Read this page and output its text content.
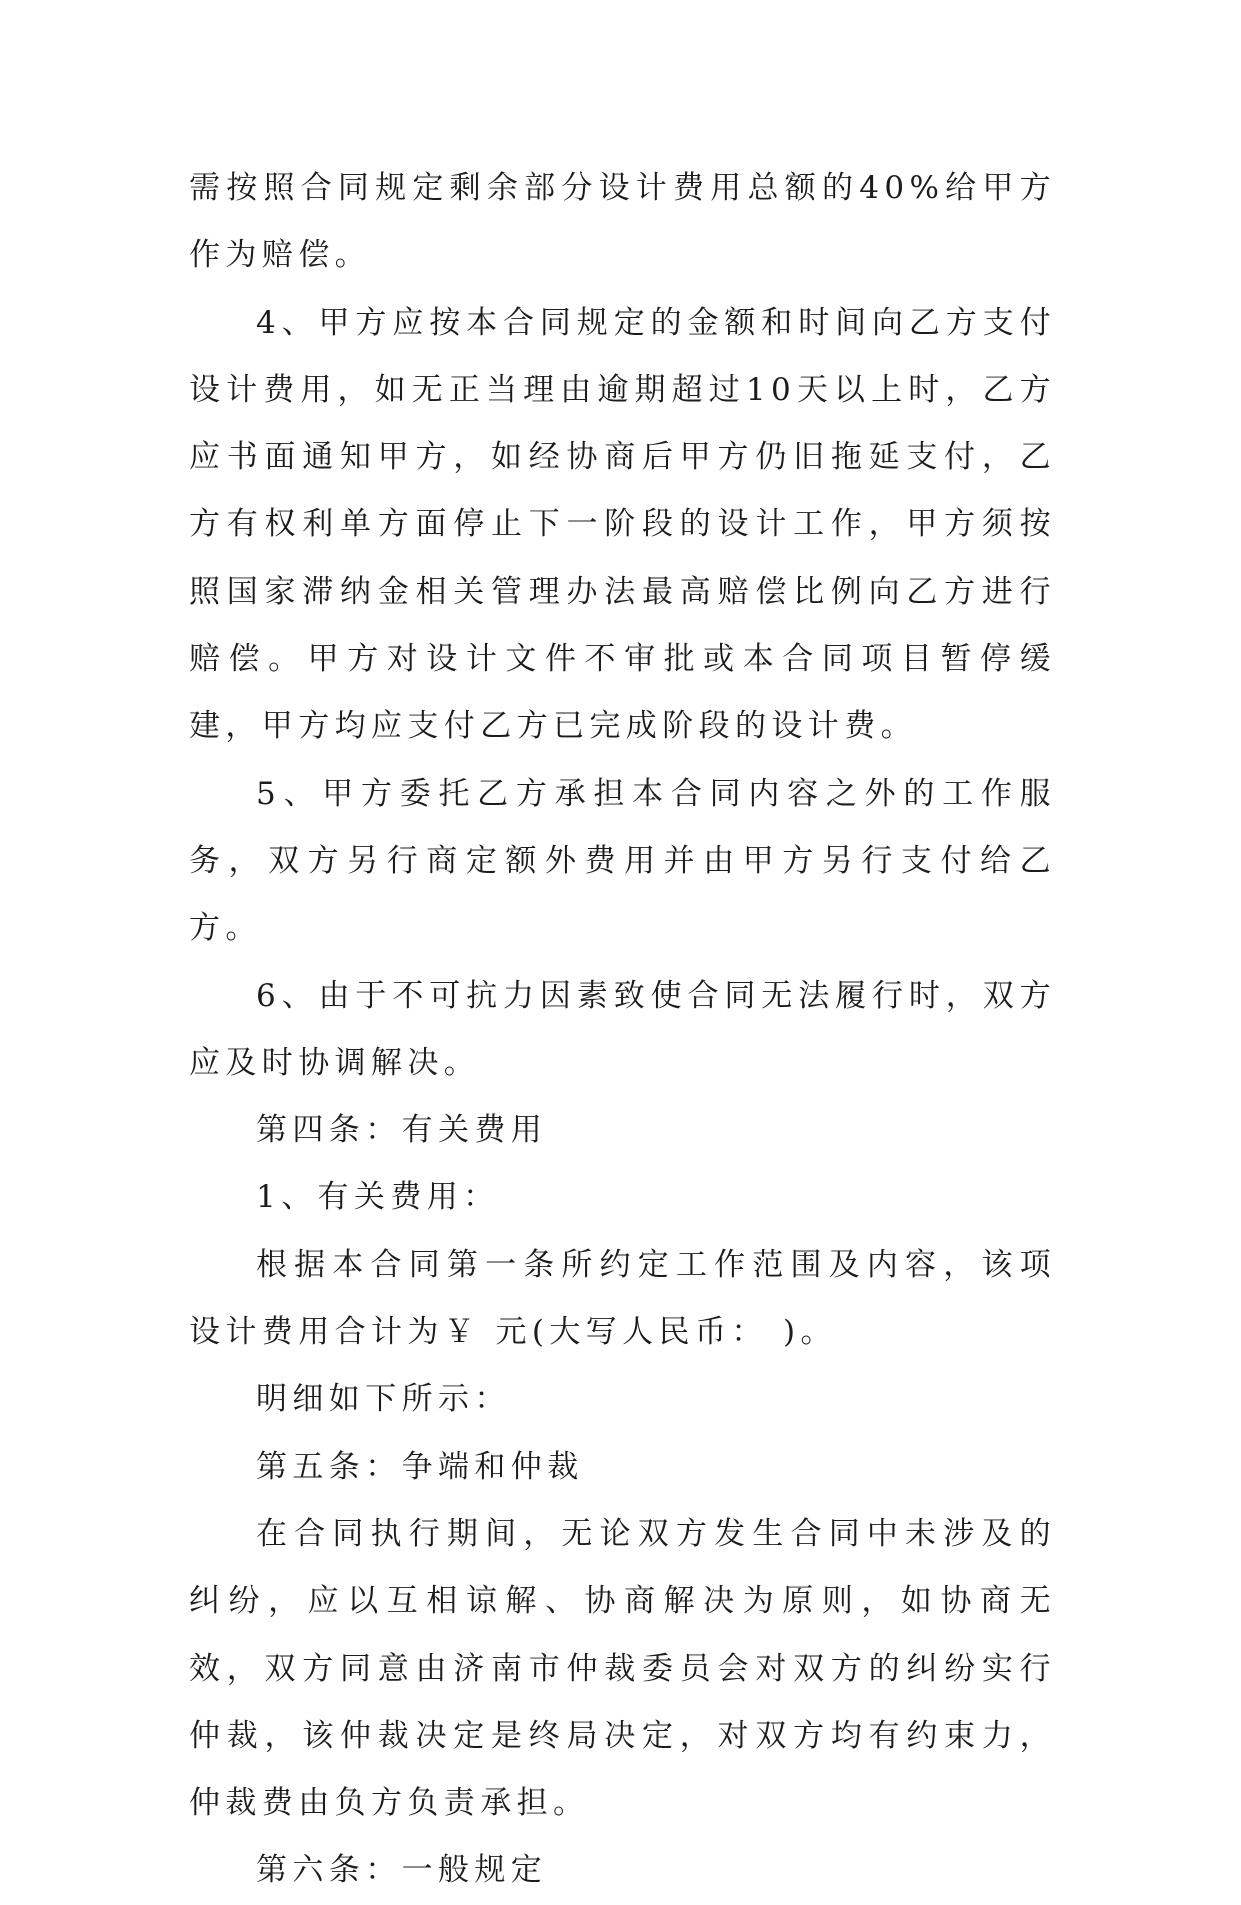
需按照合同规定剩余部分设计费用总额的40%给甲方作为赔偿。

4、甲方应按本合同规定的金额和时间向乙方支付设计费用，如无正当理由逾期超过10天以上时，乙方应书面通知甲方，如经协商后甲方仍旧拖延支付，乙方有权利单方面停止下一阶段的设计工作，甲方须按照国家滞纳金相关管理办法最高赔偿比例向乙方进行赔偿。甲方对设计文件不审批或本合同项目暂停缓建，甲方均应支付乙方已完成阶段的设计费。

5、甲方委托乙方承担本合同内容之外的工作服务，双方另行商定额外费用并由甲方另行支付给乙方。

6、由于不可抗力因素致使合同无法履行时，双方应及时协调解决。

第四条：有关费用

1、有关费用：

根据本合同第一条所约定工作范围及内容，该项设计费用合计为￥ 元(大写人民币： )。

明细如下所示：

第五条：争端和仲裁

在合同执行期间，无论双方发生合同中未涉及的纠纷，应以互相谅解、协商解决为原则，如协商无效，双方同意由济南市仲裁委员会对双方的纠纷实行仲裁，该仲裁决定是终局决定，对双方均有约束力，仲裁费由负方负责承担。

第六条：一般规定
